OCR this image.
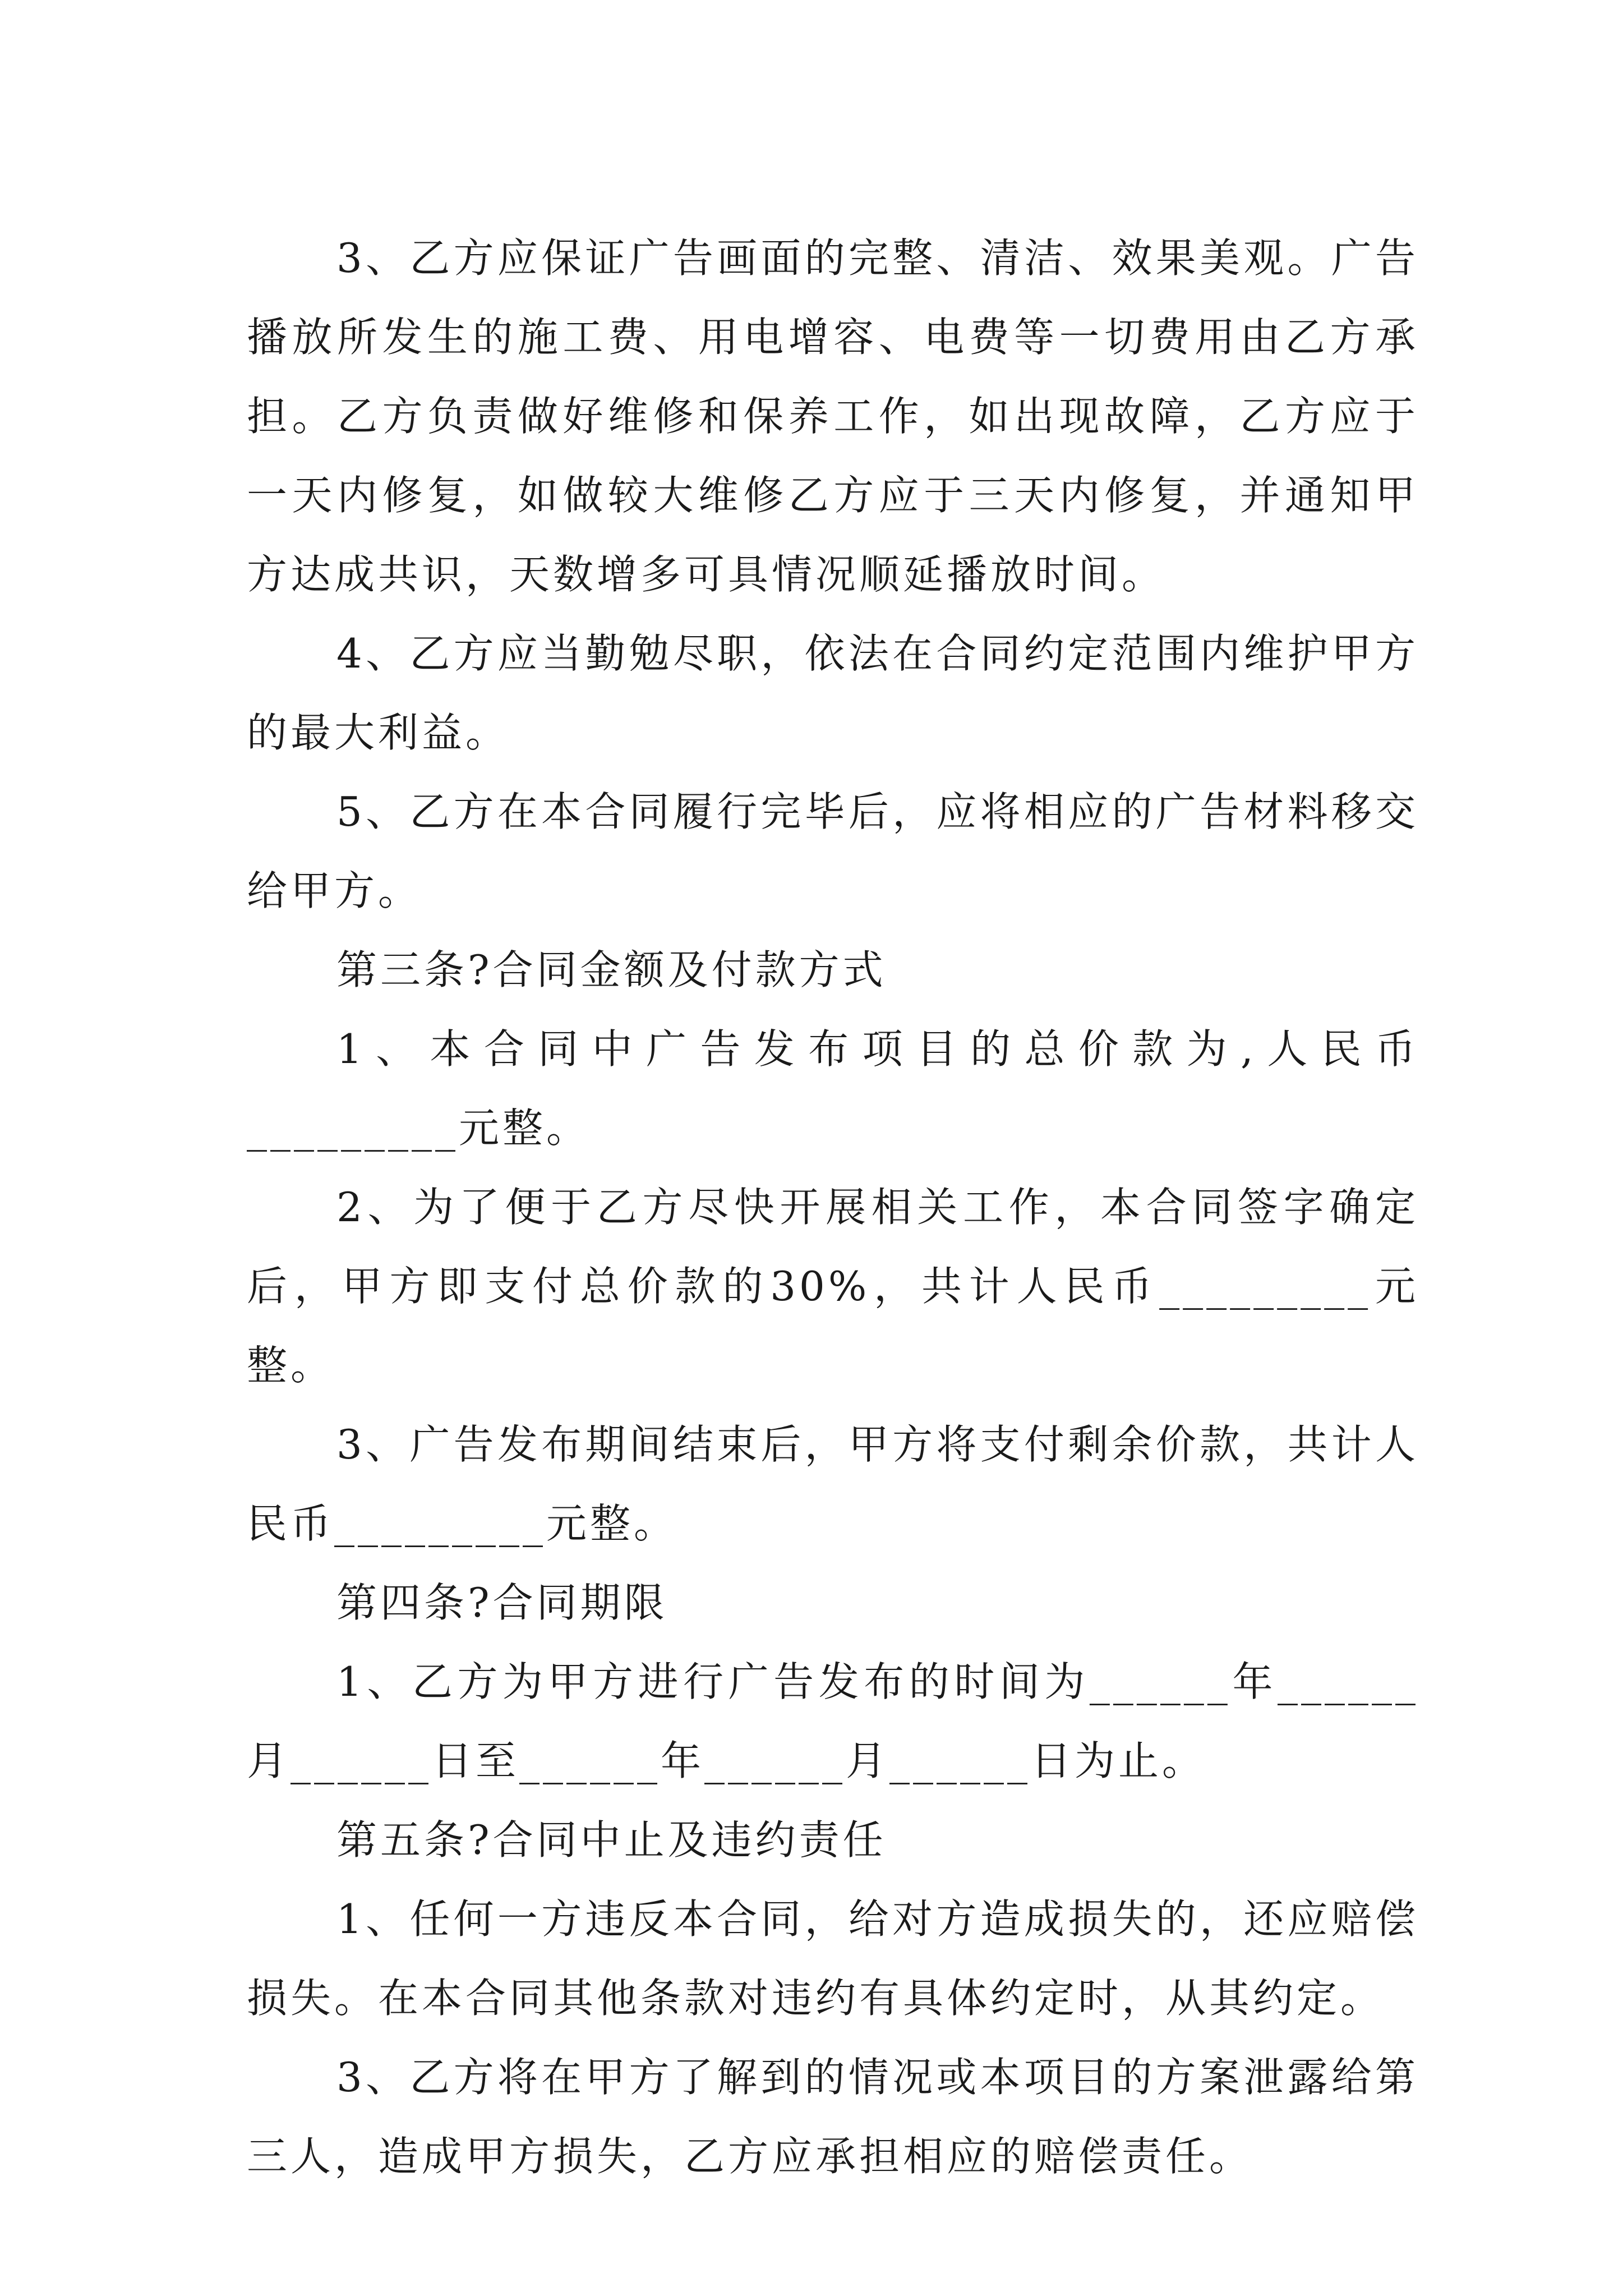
3、乙方应保证广告画面的完整、清洁、效果美观。广告播放所发生的施工费、用电增容、电费等一切费用由乙方承担。乙方负责做好维修和保养工作，如出现故障，乙方应于一天内修复，如做较大维修乙方应于三天内修复，并通知甲方达成共识，天数增多可具情况顺延播放时间。

4、乙方应当勤勉尽职，依法在合同约定范围内维护甲方的最大利益。

5、乙方在本合同履行完毕后，应将相应的广告材料移交给甲方。

第三条?合同金额及付款方式

1、本合同中广告发布项目的总价款为,人民币_________元整。

2、为了便于乙方尽快开展相关工作，本合同签字确定后，甲方即支付总价款的30%，共计人民币_________元整。

3、广告发布期间结束后，甲方将支付剩余价款，共计人民币_________元整。

第四条?合同期限

1、乙方为甲方进行广告发布的时间为______年______月______日至______年______月______日为止。

第五条?合同中止及违约责任

1、任何一方违反本合同，给对方造成损失的，还应赔偿损失。在本合同其他条款对违约有具体约定时，从其约定。

3、乙方将在甲方了解到的情况或本项目的方案泄露给第三人，造成甲方损失，乙方应承担相应的赔偿责任。
